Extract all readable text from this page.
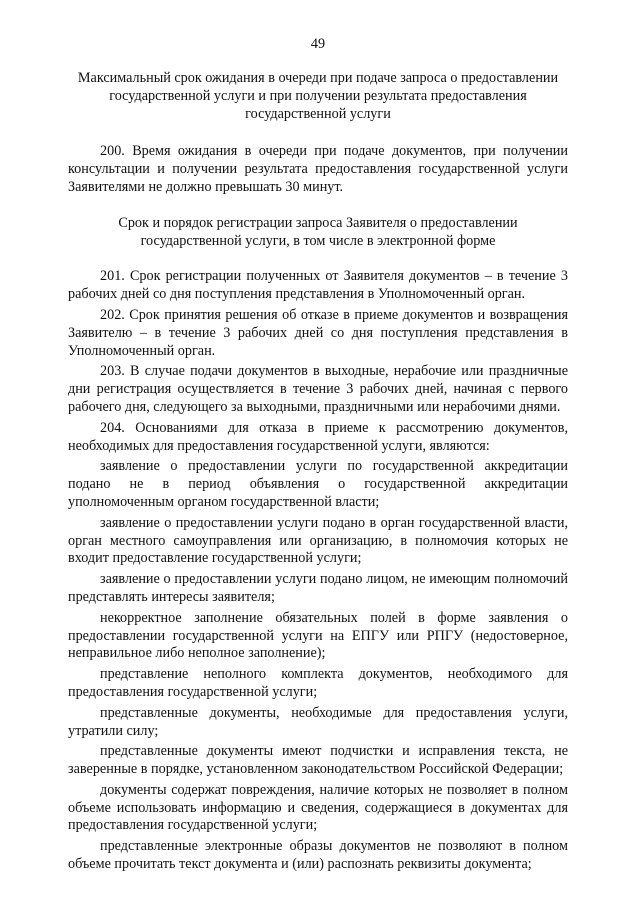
49

Максимальный срок ожидания в очереди при подаче запроса о предоставлении государственной услуги и при получении результата предоставления государственной услуги

200. Время ожидания в очереди при подаче документов, при получении консультации и получении результата предоставления государственной услуги Заявителями не должно превышать 30 минут.

Срок и порядок регистрации запроса Заявителя о предоставлении государственной услуги, в том числе в электронной форме

201. Срок регистрации полученных от Заявителя документов – в течение 3 рабочих дней со дня поступления представления в Уполномоченный орган.

202. Срок принятия решения об отказе в приеме документов и возвращения Заявителю – в течение 3 рабочих дней со дня поступления представления в Уполномоченный орган.

203. В случае подачи документов в выходные, нерабочие или праздничные дни регистрация осуществляется в течение 3 рабочих дней, начиная с первого рабочего дня, следующего за выходными, праздничными или нерабочими днями.

204. Основаниями для отказа в приеме к рассмотрению документов, необходимых для предоставления государственной услуги, являются:

заявление о предоставлении услуги по государственной аккредитации подано не в период объявления о государственной аккредитации уполномоченным органом государственной власти;

заявление о предоставлении услуги подано в орган государственной власти, орган местного самоуправления или организацию, в полномочия которых не входит предоставление государственной услуги;

заявление о предоставлении услуги подано лицом, не имеющим полномочий представлять интересы заявителя;

некорректное заполнение обязательных полей в форме заявления о предоставлении государственной услуги на ЕПГУ или РПГУ (недостоверное, неправильное либо неполное заполнение);

представление неполного комплекта документов, необходимого для предоставления государственной услуги;

представленные документы, необходимые для предоставления услуги, утратили силу;

представленные документы имеют подчистки и исправления текста, не заверенные в порядке, установленном законодательством Российской Федерации;

документы содержат повреждения, наличие которых не позволяет в полном объеме использовать информацию и сведения, содержащиеся в документах для предоставления государственной услуги;

представленные электронные образы документов не позволяют в полном объеме прочитать текст документа и (или) распознать реквизиты документа;
